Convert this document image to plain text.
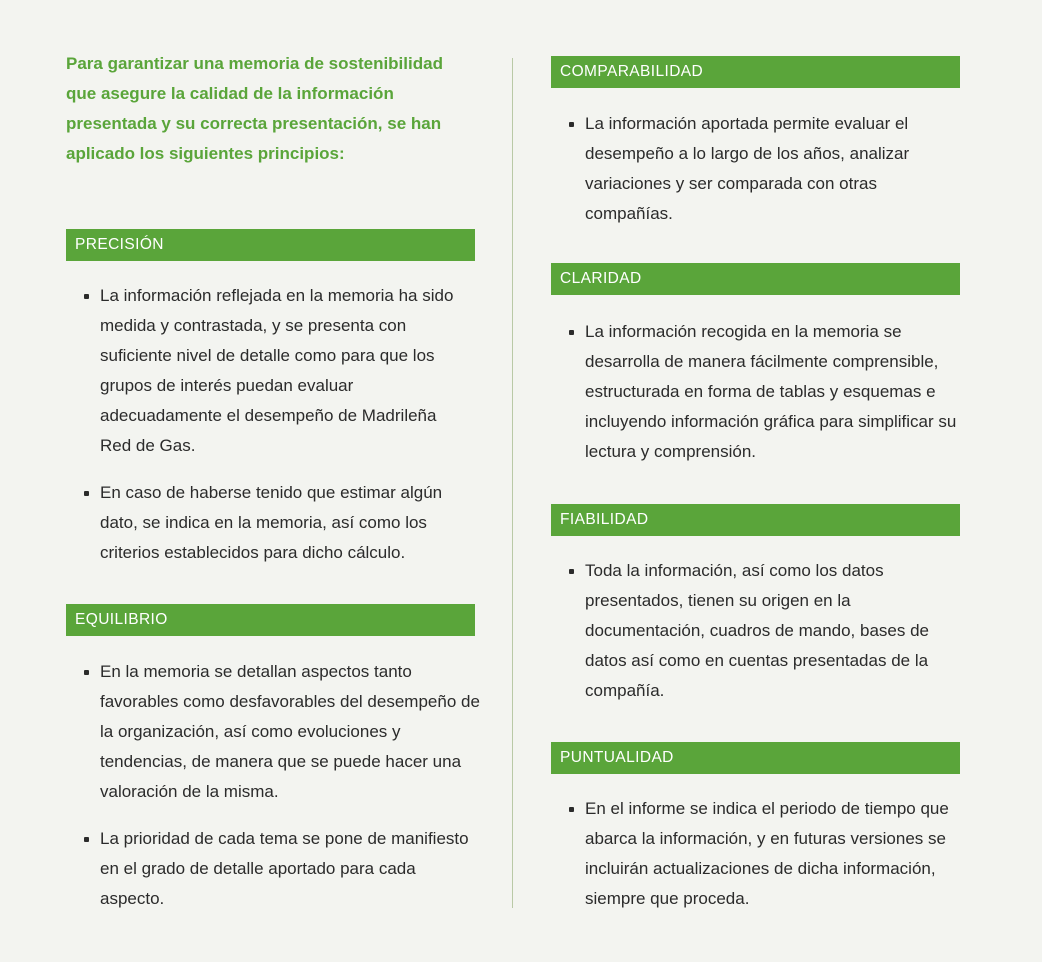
Para garantizar una memoria de sostenibilidad que asegure la calidad de la información presentada y su correcta presentación, se han aplicado los siguientes principios:

PRECISIÓN
La información reflejada en la memoria ha sido medida y contrastada, y se presenta con suficiente nivel de detalle como para que los grupos de interés puedan evaluar adecuadamente el desempeño de Madrileña Red de Gas.
En caso de haberse tenido que estimar algún dato, se indica en la memoria, así como los criterios establecidos para dicho cálculo.
EQUILIBRIO
En la memoria se detallan aspectos tanto favorables como desfavorables del desempeño de la organización, así como evoluciones y tendencias, de manera que se puede hacer una valoración de la misma.
La prioridad de cada tema se pone de manifiesto en el grado de detalle aportado para cada aspecto.
COMPARABILIDAD
La información aportada permite evaluar el desempeño a lo largo de los años, analizar variaciones y ser comparada con otras compañías.
CLARIDAD
La información recogida en la memoria se desarrolla de manera fácilmente comprensible, estructurada en forma de tablas y esquemas e incluyendo información gráfica para simplificar su lectura y comprensión.
FIABILIDAD
Toda la información, así como los datos presentados, tienen su origen en la documentación, cuadros de mando, bases de datos así como en cuentas presentadas de la compañía.
PUNTUALIDAD
En el informe se indica el periodo de tiempo que abarca la información, y en futuras versiones se incluirán actualizaciones de dicha información, siempre que proceda.
